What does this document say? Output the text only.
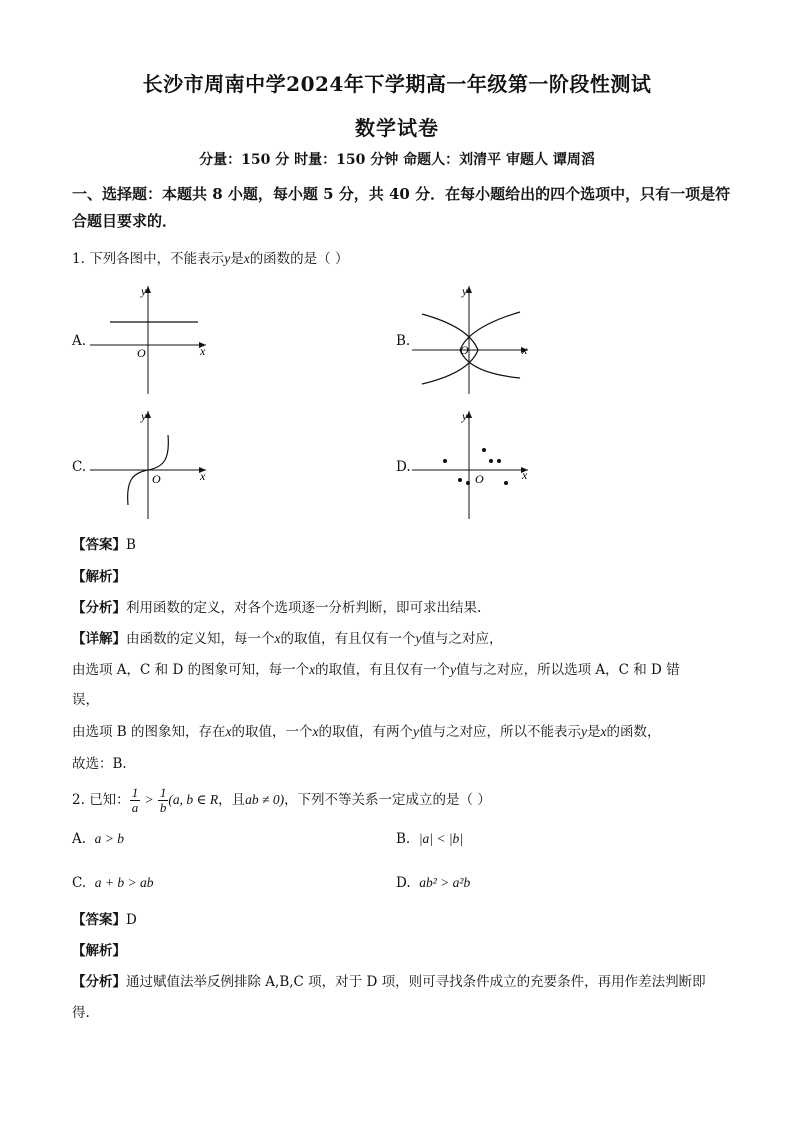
长沙市周南中学2024年下学期高一年级第一阶段性测试
数学试卷
分量：150 分 时量：150 分钟 命题人：刘清平 审题人 谭周滔
一、选择题：本题共 8 小题，每小题 5 分，共 40 分．在每小题给出的四个选项中，只有一项是符合题目要求的．
1. 下列各图中，不能表示y是x的函数的是（ ）
A.
x
y
O
B.
x
y
O
C.
x
y
O
D.	x
y
O
【答案】B
【解析】
【分析】利用函数的定义，对各个选项逐一分析判断，即可求出结果.
【详解】由函数的定义知，每一个x的取值，有且仅有一个y值与之对应，
由选项 A，C 和 D 的图象可知，每一个x的取值，有且仅有一个y值与之对应，所以选项 A，C 和 D 错
误，
由选项 B 的图象知，存在x的取值，一个x的取值，有两个y值与之对应，所以不能表示y是x的函数，
故选：B.
2. 已知： $\frac{1}{a} > \frac{1}{b} (a$, b ∈ R，且ab ≠ 0)，下列不等关系一定成立的是（ ）
A. a > b	B. |a| < |b|
C. a + b > ab	D. ab² > a²b
【答案】D
【解析】
【分析】通过赋值法举反例排除 A,B,C 项，对于 D 项，则可寻找条件成立的充要条件，再用作差法判断即
得.
